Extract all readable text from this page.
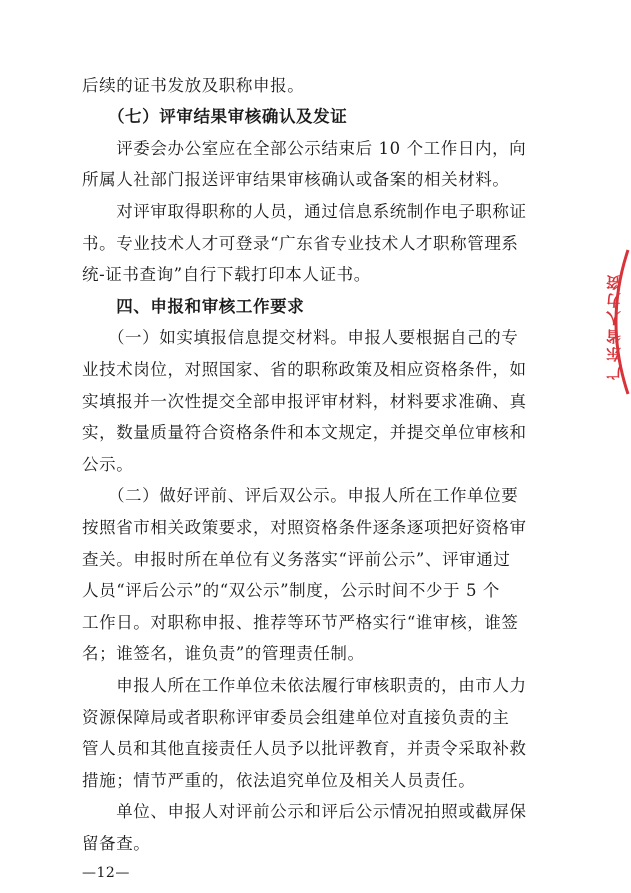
后续的证书发放及职称申报。
　　（七）评审结果审核确认及发证
　　评委会办公室应在全部公示结束后 10 个工作日内，向
所属人社部门报送评审结果审核确认或备案的相关材料。
　　对评审取得职称的人员，通过信息系统制作电子职称证
书。专业技术人才可登录“广东省专业技术人才职称管理系
统-证书查询”自行下载打印本人证书。
　　四、申报和审核工作要求
　　（一）如实填报信息提交材料。申报人要根据自己的专
业技术岗位，对照国家、省的职称政策及相应资格条件，如
实填报并一次性提交全部申报评审材料，材料要求准确、真
实，数量质量符合资格条件和本文规定，并提交单位审核和
公示。
　　（二）做好评前、评后双公示。申报人所在工作单位要
按照省市相关政策要求，对照资格条件逐条逐项把好资格审
查关。申报时所在单位有义务落实“评前公示”、评审通过
人员“评后公示”的“双公示”制度，公示时间不少于 5 个
工作日。对职称申报、推荐等环节严格实行“谁审核，谁签
名；谁签名，谁负责”的管理责任制。
　　申报人所在工作单位未依法履行审核职责的，由市人力
资源保障局或者职称评审委员会组建单位对直接负责的主
管人员和其他直接责任人员予以批评教育，并责令采取补救
措施；情节严重的，依法追究单位及相关人员责任。
　　单位、申报人对评前公示和评后公示情况拍照或截屏保
留备查。
—12—
广东省人力资
